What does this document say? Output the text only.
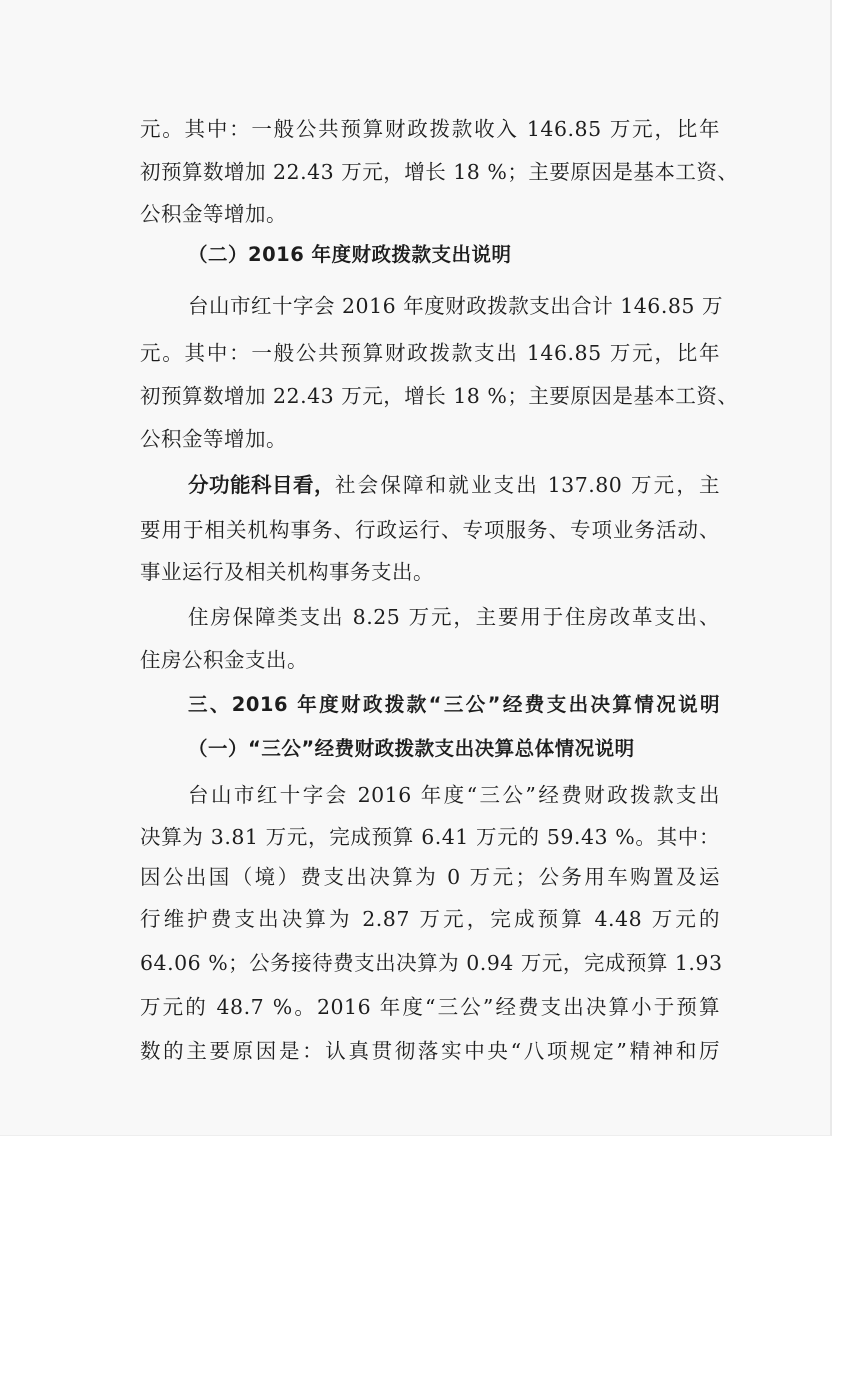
元。其中：一般公共预算财政拨款收入 146.85 万元，比年
初预算数增加 22.43 万元，增长 18 %；主要原因是基本工资、
公积金等增加。
（二）2016 年度财政拨款支出说明
台山市红十字会 2016 年度财政拨款支出合计 146.85 万
元。其中：一般公共预算财政拨款支出 146.85 万元，比年
初预算数增加 22.43 万元，增长 18 %；主要原因是基本工资、
公积金等增加。
分功能科目看， 社会保障和就业支出 137.80 万元，主
要用于相关机构事务、行政运行、专项服务、专项业务活动、
事业运行及相关机构事务支出。
住房保障类支出 8.25 万元，主要用于住房改革支出、
住房公积金支出。
三、2016 年度财政拨款“三公”经费支出决算情况说明
（一）“三公”经费财政拨款支出决算总体情况说明
台山市红十字会 2016 年度“三公”经费财政拨款支出
决算为 3.81 万元，完成预算 6.41 万元的 59.43 %。其中：
因公出国（境）费支出决算为 0 万元；公务用车购置及运
行维护费支出决算为 2.87 万元，完成预算 4.48 万元的
64.06 %；公务接待费支出决算为 0.94 万元，完成预算 1.93
万元的 48.7 %。2016 年度“三公”经费支出决算小于预算
数的主要原因是：认真贯彻落实中央“八项规定”精神和厉
